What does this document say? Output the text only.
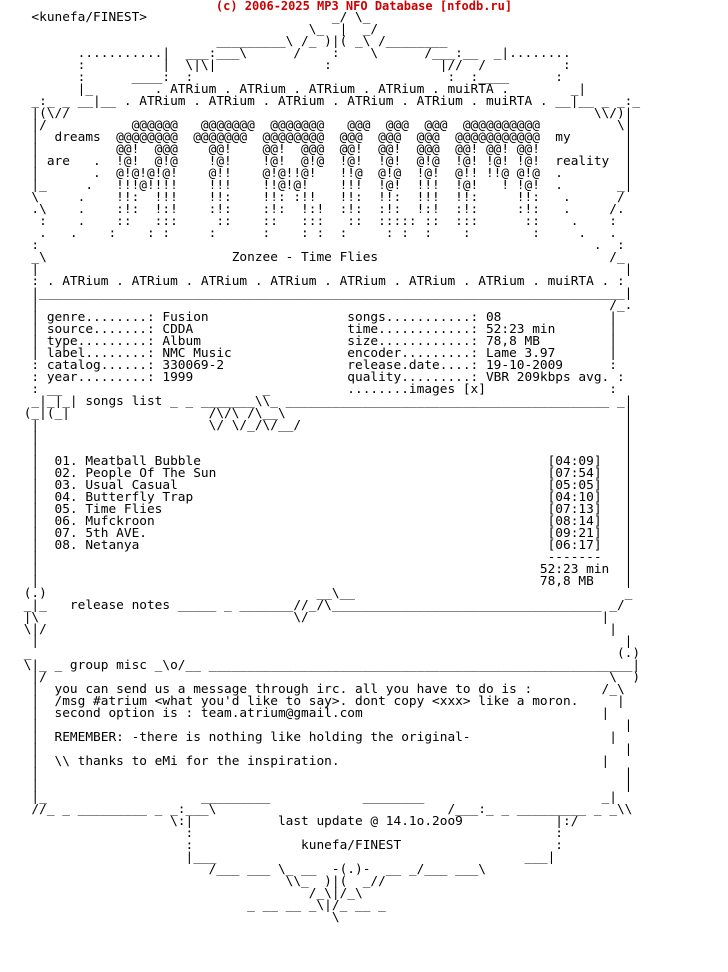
(c) 2006-2025 MP3 NFO Database [nfodb.ru]
<kunefa/FINEST>                        _/ \_
\_  |  _/
_________\ /_ )|( _\ /________
...........|  ___:___\      /    :    \      /___:__  _|........
:          |  \|\|              :              |//  /          :
:      ____:  :                                 :  :____      :
|_        . ATRium . ATRium . ATRium . ATRium . muiRTA .        _|
_:_ _ __|__ . ATRium . ATRium . ATRium . ATRium . ATRium . muiRTA . __|__ _ _:_
|(\//                                                                    \\/)|
|/           @@@@@@   @@@@@@@  @@@@@@@   @@@  @@@  @@@  @@@@@@@@@@          \|
|  dreams  @@@@@@@@  @@@@@@@  @@@@@@@@  @@@  @@@  @@@  @@@@@@@@@@@  my       |
|          @@!  @@@    @@!    @@!  @@@  @@!  @@!  @@@  @@! @@! @@!           |
| are   .  !@!  @!@    !@!    !@!  @!@  !@!  !@!  @!@  !@! !@! !@!  reality  |
|       .  @!@!@!@!    @!!    @!@!!@!   !!@  @!@  !@!  @!! !!@ @!@  .        |
|_     .   !!!@!!!!    !!!    !!@!@!    !!!  !@!  !!!  !@!   ! !@!  .       _|
\     .    !!:  !!!    !!:    !!: :!!   !!:  !!:  !!!  !!:     !!:   .      /
.\    .    :!:  !:!    :!:    :!:  !:!  :!:  :!:  !:!  :!:     :!:   .     /.
:    .    ::   :::     ::    ::   :::   ::  ::::: ::  :::      ::    .    :
.   .    :    : :     :      :    : :  :     : :  :    :        :     .   .
:                                                                        .  :
_\                        Zonzee - Time Flies                              /_
|                                                                            |
: . ATRium . ATRium . ATRium . ATRium . ATRium . ATRium . ATRium . muiRTA . :
|____________________________________________________________________________|
|                                                                          /_.
| genre........: Fusion                  songs...........: 08              |
| source.......: CDDA                    time............: 52:23 min       |
| type.........: Album                   size............: 78,8 MB         |
| label........: NMC Music               encoder.........: Lame 3.97       |
: catalog......: 330069-2                release.date....: 19-10-2009      :
: year.........: 1999                    quality.........: VBR 209kbps avg. :
: __                          _          ........images [x]                :
_|_|_| songs list _ _ _______\\_ __________________________________________ _|
(_|(_|                  /\/\ /\__\                                            |
|                      \/ \/_/\/__/                                          |
|                                                                            |
|                                                                            |
|  01. Meatball Bubble                                             [04:09]   |
|  02. People Of The Sun                                           [07:54]   |
|  03. Usual Casual                                                [05:05]   |
|  04. Butterfly Trap                                              [04:10]   |
|  05. Time Flies                                                  [07:13]   |
|  06. Mufckroon                                                   [08:14]   |
|  07. 5th AVE.                                                    [09:21]   |
|  08. Netanya                                                     [06:17]   |
|                                                                  -------   |
|                                                                 52:23 min  |
|                                                                 78,8 MB    |
(.)                                   __\__                                   _
_|_   release notes _____ _ _______//_/\___________________________________ _/
|\                                 \/                                      |
\|/                                                                         |
|                                                                            |
_                                                                            (.)
\|_ _ group misc _\o/__ _______________________________________________________|
|/                                                                         \  )
|  you can send us a message through irc. all you have to do is :         /_\
|  /msg #atrium <what you'd like to say>. dont copy <xxx> like a moron.     |
|  second option is : team.atrium@gmail.com                               |
|                                                                            |
|  REMEMBER: -there is nothing like holding the original-                  |
|                                                                            |
|  \\ thanks to eMi for the inspiration.                                  |
|                                                                            |
|                                                                            |
|_                    _________            ________                       _|
//_ _ _________ _ _:___\                              /___:_ _ _________ _ _\\
\:|           last update @ 14.1o.2oo9            |:/
:                                               :
:              kunefa/FINEST                    :
|___                                        ___|
/___ ___ \_ __  -(.)-  __ _/___ ___\
\\_  )|(  _//
/_\|/_\
_ __ __ _\|/_ __ _
\
